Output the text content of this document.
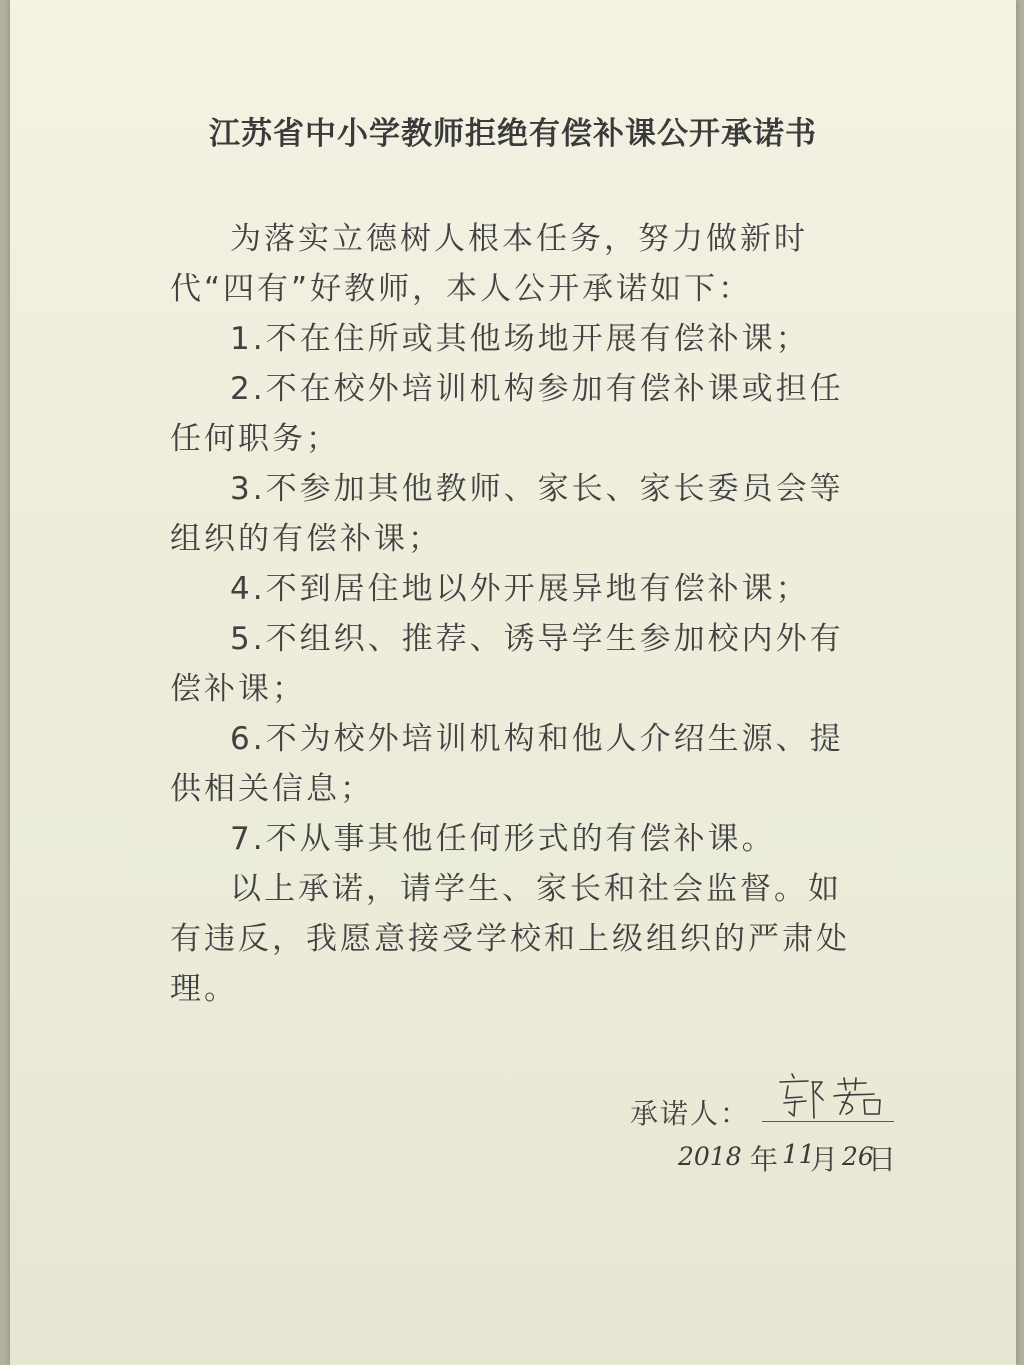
江苏省中小学教师拒绝有偿补课公开承诺书
为落实立德树人根本任务，努力做新时
代“四有”好教师，本人公开承诺如下：
1.不在住所或其他场地开展有偿补课；
2.不在校外培训机构参加有偿补课或担任
任何职务；
3.不参加其他教师、家长、家长委员会等
组织的有偿补课；
4.不到居住地以外开展异地有偿补课；
5.不组织、推荐、诱导学生参加校内外有
偿补课；
6.不为校外培训机构和他人介绍生源、提
供相关信息；
7.不从事其他任何形式的有偿补课。
以上承诺，请学生、家长和社会监督。如
有违反，我愿意接受学校和上级组织的严肃处
理。
承诺人：
2018 年 11
月 26
日
